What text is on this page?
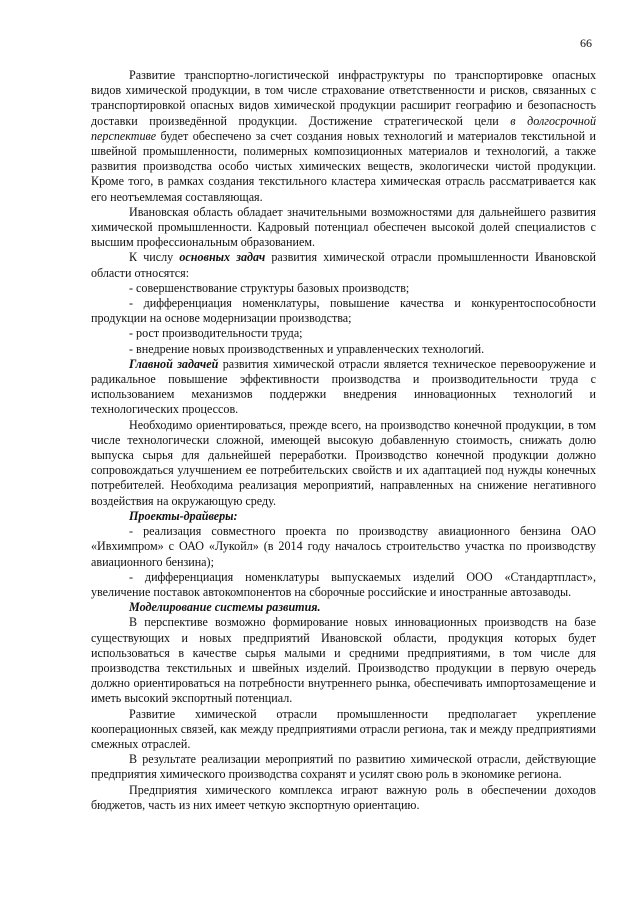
66

Развитие транспортно-логистической инфраструктуры по транспортировке опасных видов химической продукции, в том числе страхование ответственности и рисков, связанных с транспортировкой опасных видов химической продукции расширит географию и безопасность доставки произведённой продукции. Достижение стратегической цели в долгосрочной перспективе будет обеспечено за счет создания новых технологий и материалов текстильной и швейной промышленности, полимерных композиционных материалов и технологий, а также развития производства особо чистых химических веществ, экологически чистой продукции. Кроме того, в рамках создания текстильного кластера химическая отрасль рассматривается как его неотъемлемая составляющая.

Ивановская область обладает значительными возможностями для дальнейшего развития химической промышленности. Кадровый потенциал обеспечен высокой долей специалистов с высшим профессиональным образованием.

К числу основных задач развития химической отрасли промышленности Ивановской области относятся:

- совершенствование структуры базовых производств;

- дифференциация номенклатуры, повышение качества и конкурентоспособности продукции на основе модернизации производства;

- рост производительности труда;

- внедрение новых производственных и управленческих технологий.

Главной задачей развития химической отрасли является техническое перевооружение и радикальное повышение эффективности производства и производительности труда с использованием механизмов поддержки внедрения инновационных технологий и технологических процессов.

Необходимо ориентироваться, прежде всего, на производство конечной продукции, в том числе технологически сложной, имеющей высокую добавленную стоимость, снижать долю выпуска сырья для дальнейшей переработки. Производство конечной продукции должно сопровождаться улучшением ее потребительских свойств и их адаптацией под нужды конечных потребителей. Необходима реализация мероприятий, направленных на снижение негативного воздействия на окружающую среду.

Проекты-драйверы:

- реализация совместного проекта по производству авиационного бензина ОАО «Ивхимпром» с ОАО «Лукойл» (в 2014 году началось строительство участка по производству авиационного бензина);

- дифференциация номенклатуры выпускаемых изделий ООО «Стандартпласт», увеличение поставок автокомпонентов на сборочные российские и иностранные автозаводы.

Моделирование системы развития.

В перспективе возможно формирование новых инновационных производств на базе существующих и новых предприятий Ивановской области, продукция которых будет использоваться в качестве сырья малыми и средними предприятиями, в том числе для производства текстильных и швейных изделий. Производство продукции в первую очередь должно ориентироваться на потребности внутреннего рынка, обеспечивать импортозамещение и иметь высокий экспортный потенциал.

Развитие химической отрасли промышленности предполагает укрепление кооперационных связей, как между предприятиями отрасли региона, так и между предприятиями смежных отраслей.

В результате реализации мероприятий по развитию химической отрасли, действующие предприятия химического производства сохранят и усилят свою роль в экономике региона.

Предприятия химического комплекса играют важную роль в обеспечении доходов бюджетов, часть из них имеет четкую экспортную ориентацию.
